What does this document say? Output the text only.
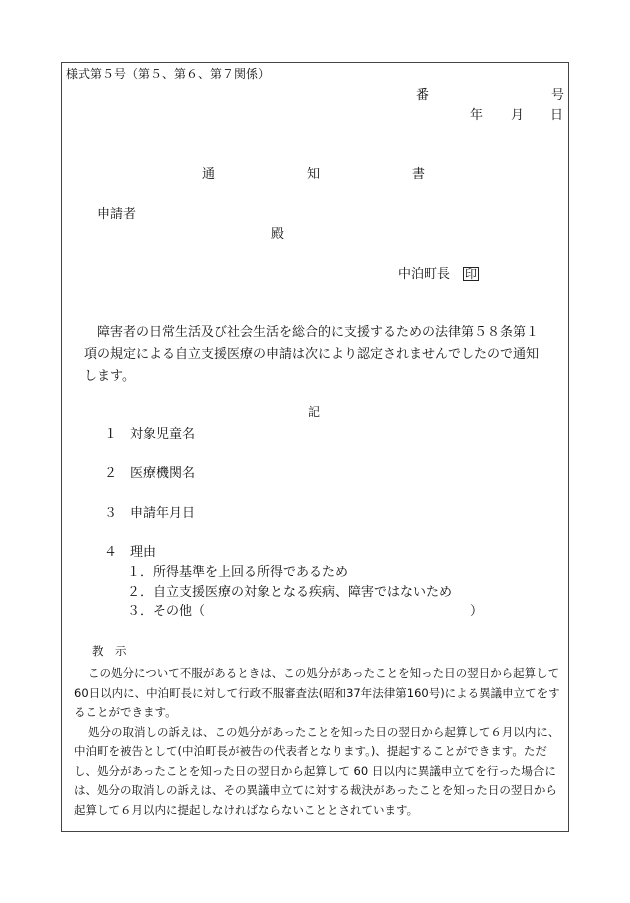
様式第５号（第５、第６、第７関係）
番	号
年 月 日
通	知	書
申請者
殿
中泊町長 印
障害者の日常生活及び社会生活を総合的に支援するための法律第５８条第１
項の規定による自立支援医療の申請は次により認定されませんでしたので通知
します。
記
１ 対象児童名
２ 医療機関名
３ 申請年月日
４ 理由
１．所得基準を上回る所得であるため
２．自立支援医療の対象となる疾病、障害ではないため
３．その他（	）
教　示
この処分について不服があるときは、この処分があったことを知った日の翌日から起算して
60日以内に、中泊町長に対して行政不服審査法(昭和37年法律第160号)による異議申立てをす
ることができます。
処分の取消しの訴えは、この処分があったことを知った日の翌日から起算して６月以内に、
中泊町を被告として(中泊町長が被告の代表者となります。)、提起することができます。ただ
し、処分があったことを知った日の翌日から起算して 60 日以内に異議申立てを行った場合に
は、処分の取消しの訴えは、その異議申立てに対する裁決があったことを知った日の翌日から
起算して６月以内に提起しなければならないこととされています。
